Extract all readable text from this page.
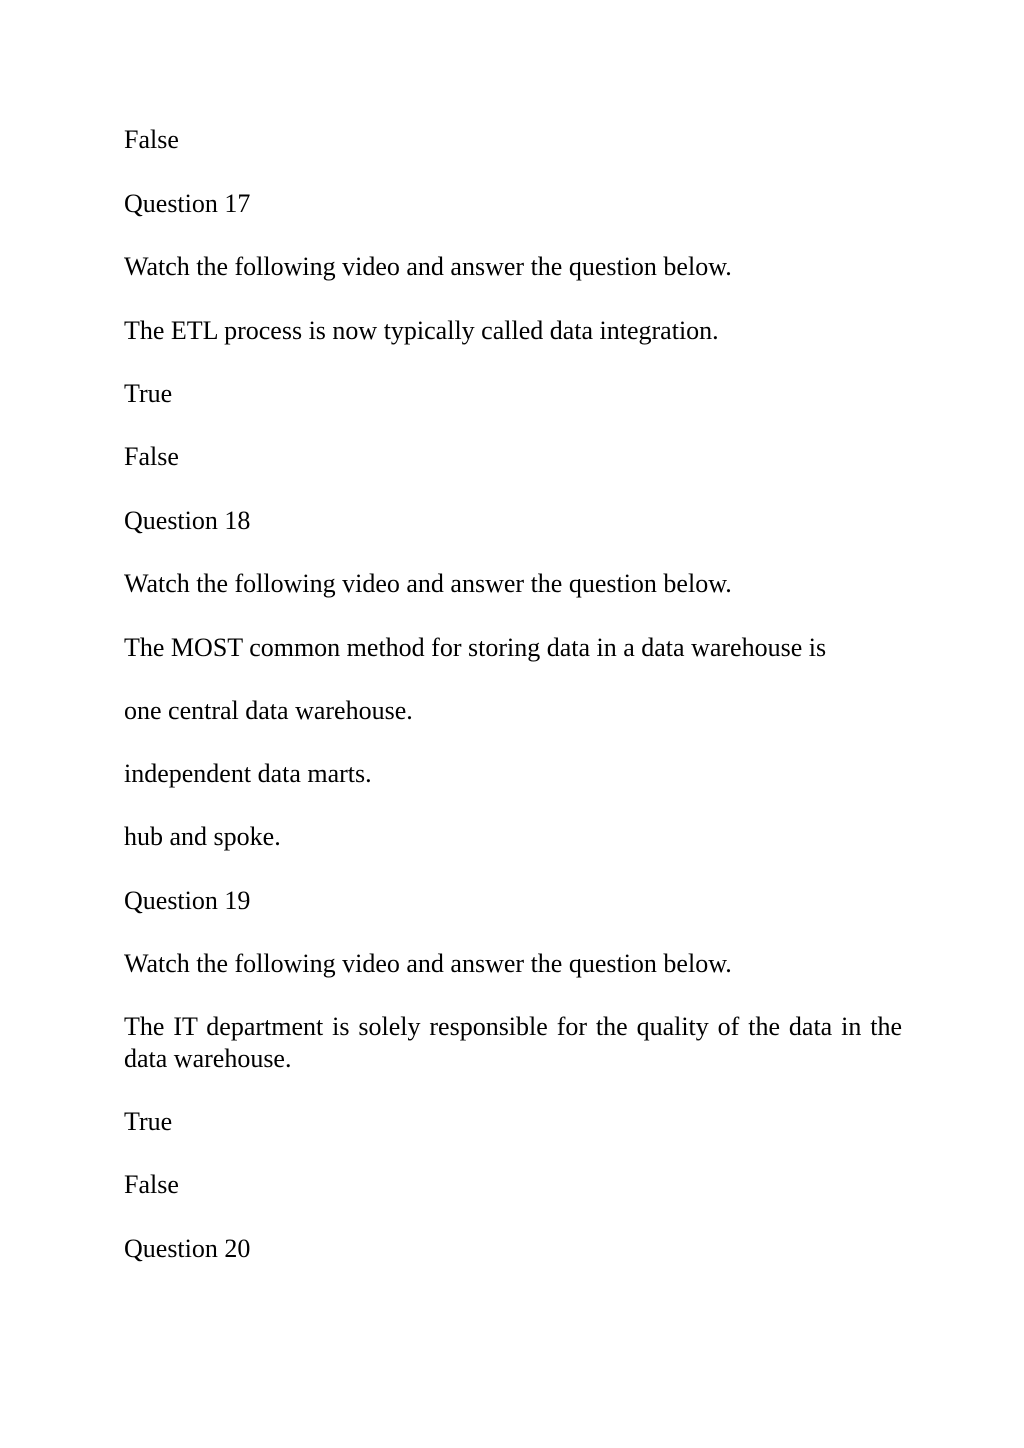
False

Question 17

Watch the following video and answer the question below.

The ETL process is now typically called data integration.

True

False

Question 18

Watch the following video and answer the question below.

The MOST common method for storing data in a data warehouse is

one central data warehouse.

independent data marts.

hub and spoke.

Question 19

Watch the following video and answer the question below.

The IT department is solely responsible for the quality of the data in the data warehouse.

True

False

Question 20
